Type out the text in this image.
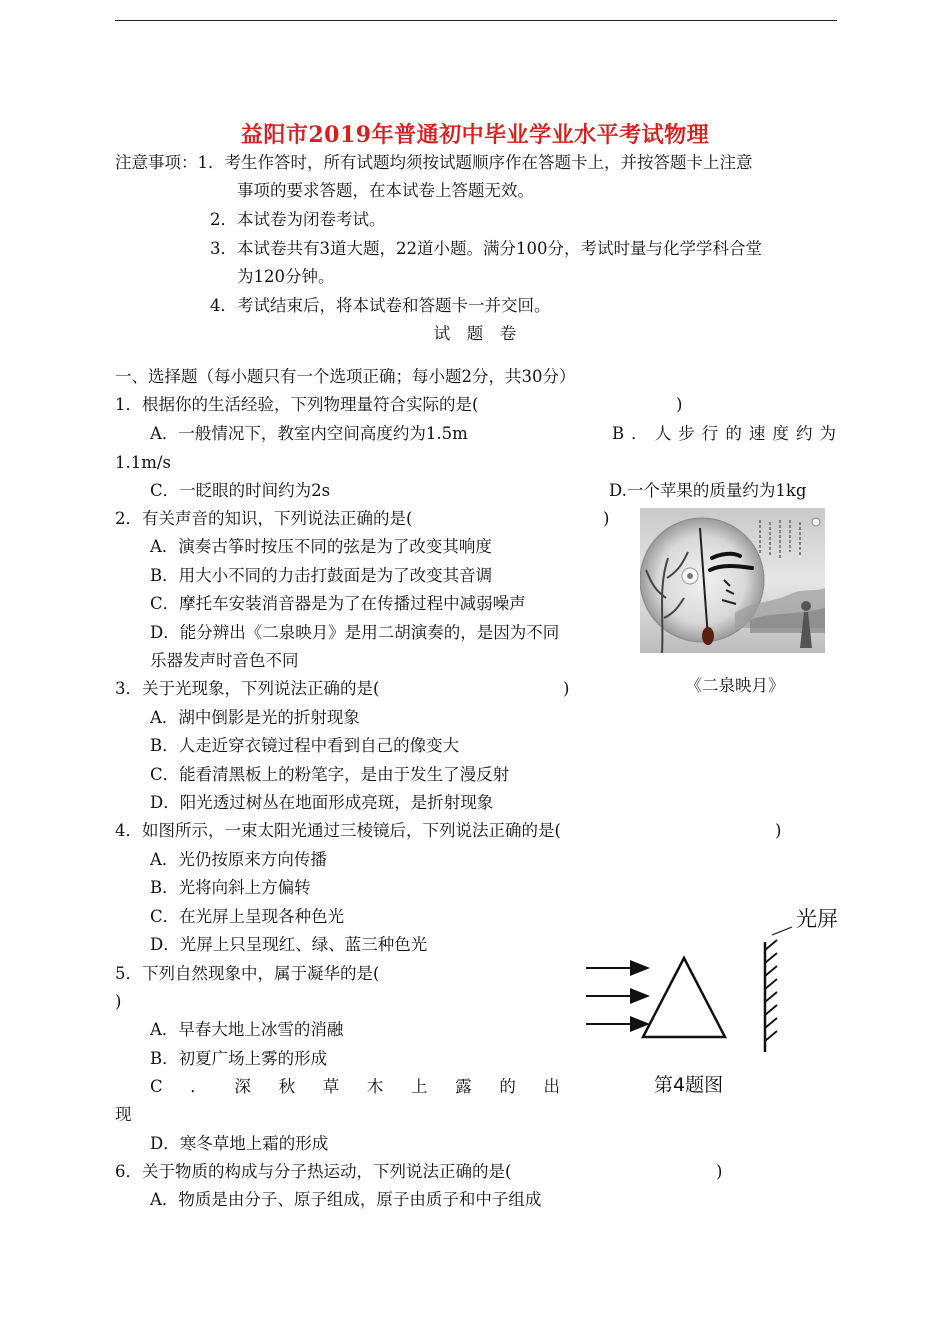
益阳市2019年普通初中毕业学业水平考试物理
注意事项：1．考生作答时，所有试题均须按试题顺序作在答题卡上，并按答题卡上注意
事项的要求答题，在本试卷上答题无效。
2．本试卷为闭卷考试。
3．本试卷共有3道大题，22道小题。满分100分，考试时量与化学学科合堂
为120分钟。
4．考试结束后，将本试卷和答题卡一并交回。
试　题　卷
一、选择题（每小题只有一个选项正确；每小题2分，共30分）
1．根据你的生活经验，下列物理量符合实际的是(	)
A．一般情况下，教室内空间高度约为1.5m	B．人步行的速度约为
1.1m/s
C．一眨眼的时间约为2s	D.一个苹果的质量约为1kg
2．有关声音的知识，下列说法正确的是(	)
A．演奏古筝时按压不同的弦是为了改变其响度
B．用大小不同的力击打鼓面是为了改变其音调
C．摩托车安装消音器是为了在传播过程中减弱噪声
D．能分辨出《二泉映月》是用二胡演奏的，是因为不同
乐器发声时音色不同
《二泉映月》
3．关于光现象，下列说法正确的是(	)
A．湖中倒影是光的折射现象
B．人走近穿衣镜过程中看到自己的像变大
C．能看清黑板上的粉笔字，是由于发生了漫反射
D．阳光透过树丛在地面形成亮斑，是折射现象
4．如图所示，一束太阳光通过三棱镜后，下列说法正确的是(	)
A．光仍按原来方向传播
B．光将向斜上方偏转
C．在光屏上呈现各种色光
D．光屏上只呈现红、绿、蓝三种色光
光屏
第4题图
5．下列自然现象中，属于凝华的是(
)
A．早春大地上冰雪的消融
B．初夏广场上雾的形成
C．深秋草木上露的出
现
D．寒冬草地上霜的形成
6．关于物质的构成与分子热运动，下列说法正确的是(	)
A．物质是由分子、原子组成，原子由质子和中子组成
